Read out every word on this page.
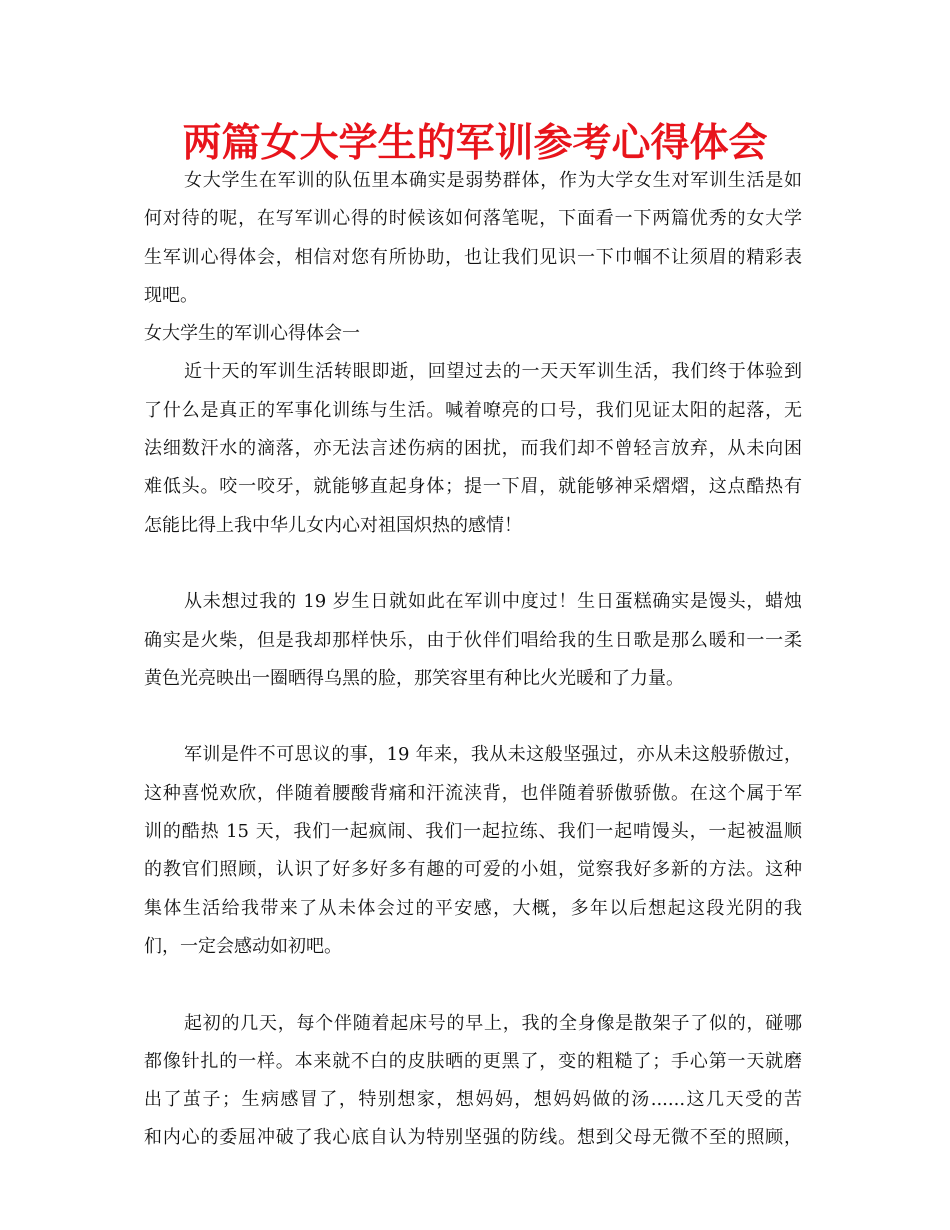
两篇女大学生的军训参考心得体会
女大学生在军训的队伍里本确实是弱势群体，作为大学女生对军训生活是如
何对待的呢，在写军训心得的时候该如何落笔呢，下面看一下两篇优秀的女大学
生军训心得体会，相信对您有所协助，也让我们见识一下巾帼不让须眉的精彩表
现吧。
女大学生的军训心得体会一
近十天的军训生活转眼即逝，回望过去的一天天军训生活，我们终于体验到
了什么是真正的军事化训练与生活。喊着嘹亮的口号，我们见证太阳的起落，无
法细数汗水的滴落，亦无法言述伤病的困扰，而我们却不曾轻言放弃，从未向困
难低头。咬一咬牙，就能够直起身体；提一下眉，就能够神采熠熠，这点酷热有
怎能比得上我中华儿女内心对祖国炽热的感情！
从未想过我的 19 岁生日就如此在军训中度过！生日蛋糕确实是馒头，蜡烛
确实是火柴，但是我却那样快乐，由于伙伴们唱给我的生日歌是那么暖和一一柔
黄色光亮映出一圈晒得乌黑的脸，那笑容里有种比火光暖和了力量。
军训是件不可思议的事，19 年来，我从未这般坚强过，亦从未这般骄傲过，
这种喜悦欢欣，伴随着腰酸背痛和汗流浃背，也伴随着骄傲骄傲。在这个属于军
训的酷热 15 天，我们一起疯闹、我们一起拉练、我们一起啃馒头，一起被温顺
的教官们照顾，认识了好多好多有趣的可爱的小姐，觉察我好多新的方法。这种
集体生活给我带来了从未体会过的平安感，大概，多年以后想起这段光阴的我
们，一定会感动如初吧。
起初的几天，每个伴随着起床号的早上，我的全身像是散架子了似的，碰哪
都像针扎的一样。本来就不白的皮肤晒的更黑了，变的粗糙了；手心第一天就磨
出了茧子；生病感冒了，特别想家，想妈妈，想妈妈做的汤......这几天受的苦
和内心的委屈冲破了我心底自认为特别坚强的防线。想到父母无微不至的照顾，
